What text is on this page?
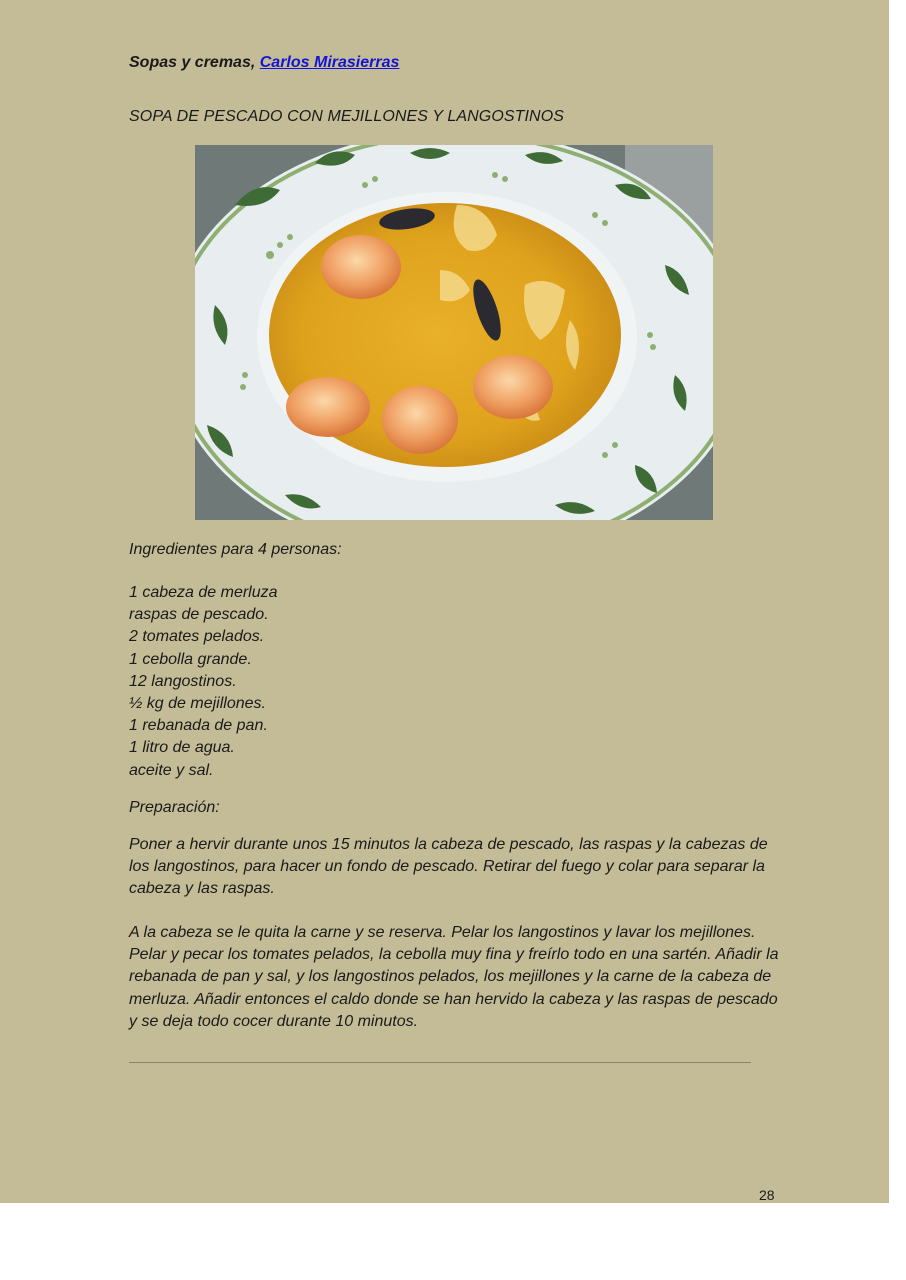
Sopas y cremas, Carlos Mirasierras
SOPA DE PESCADO CON MEJILLONES Y LANGOSTINOS
Ingredientes para 4 personas:
1 cabeza de merluza
raspas de pescado.
2 tomates pelados.
1 cebolla grande.
12 langostinos.
½ kg de mejillones.
1 rebanada de pan.
1 litro de agua.
aceite y sal.
Preparación:
Poner a hervir durante unos 15 minutos la cabeza de pescado, las raspas y la cabezas de los langostinos, para hacer un fondo de pescado. Retirar del fuego y colar para separar la cabeza y las raspas.
A la cabeza se le quita la carne y se reserva. Pelar los langostinos y lavar los mejillones. Pelar y pecar los tomates pelados, la cebolla muy fina y freírlo todo en una sartén. Añadir la rebanada de pan y sal, y los langostinos pelados, los mejillones y la carne de la cabeza de merluza. Añadir entonces el caldo donde se han hervido la cabeza y las raspas de pescado y se deja todo cocer durante 10 minutos.
28
